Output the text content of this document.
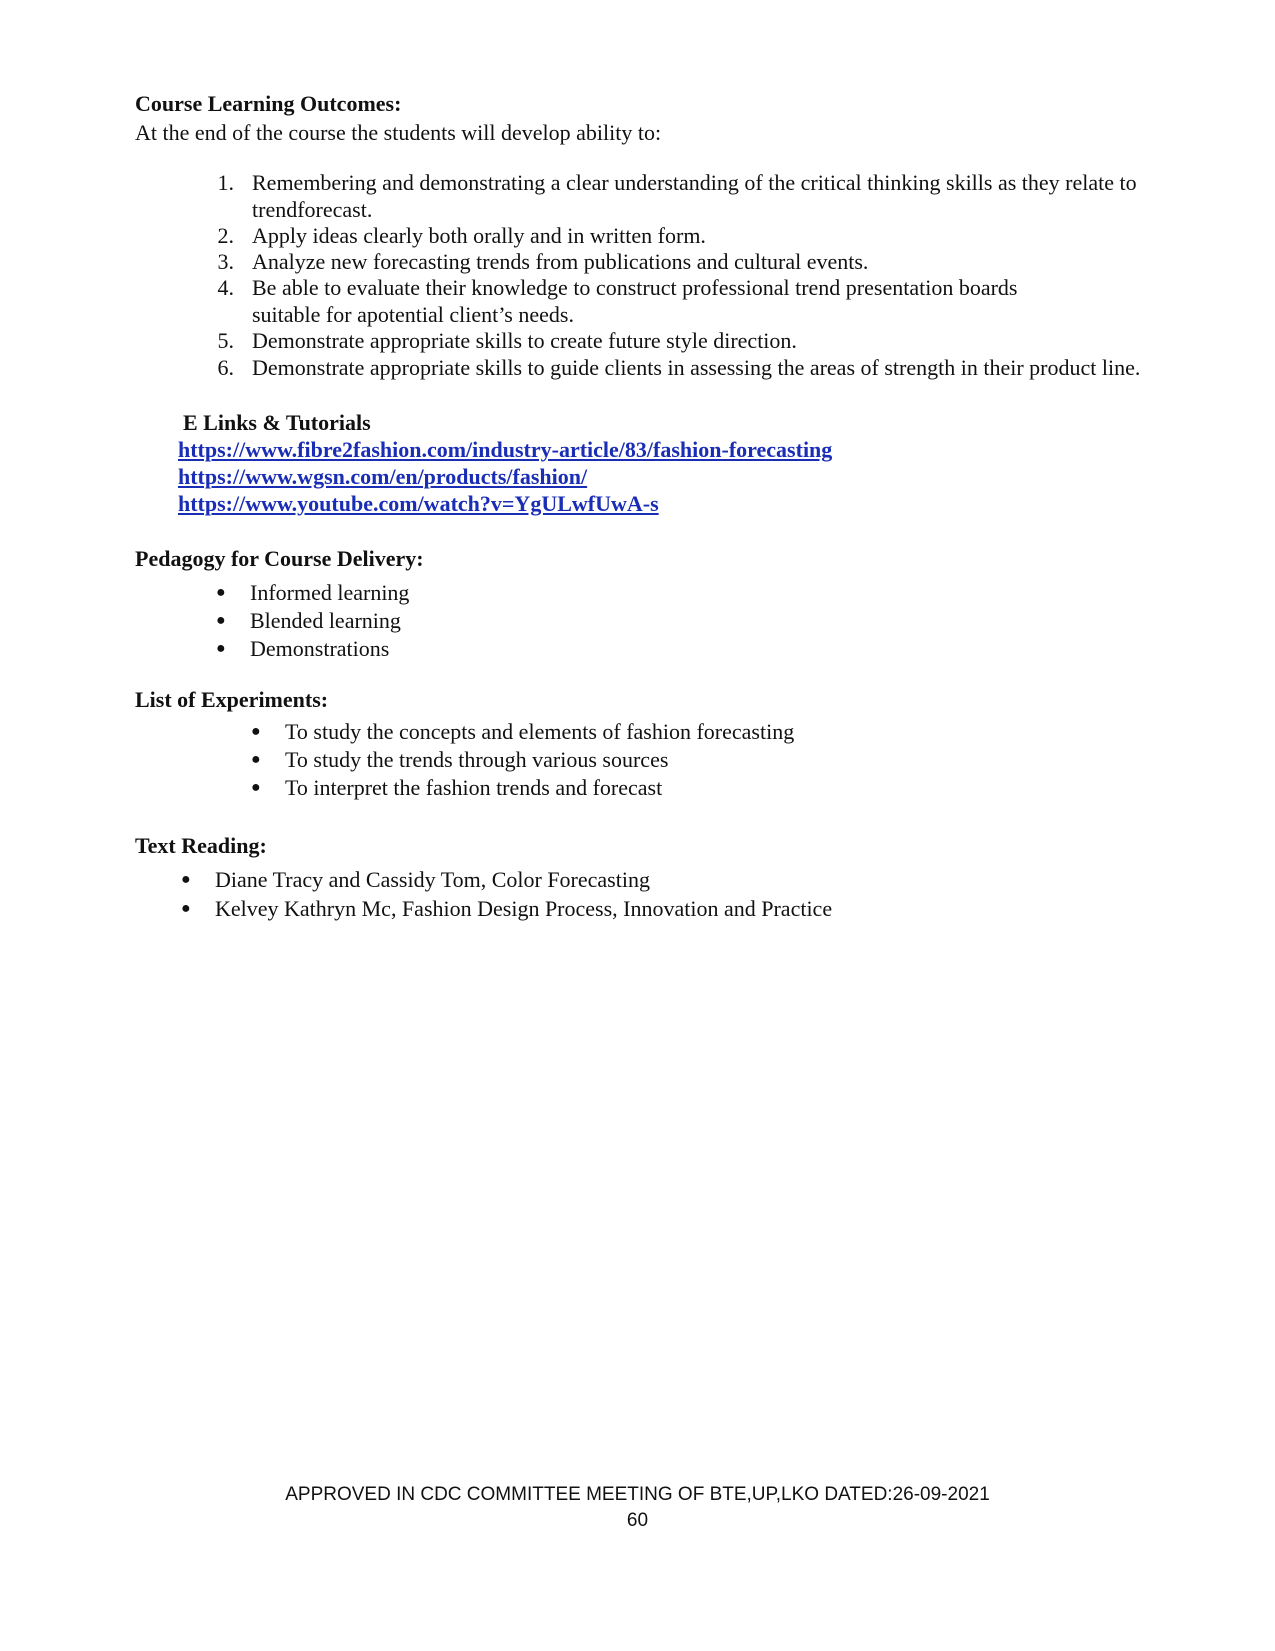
Course Learning Outcomes:
At the end of the course the students will develop ability to:
1. Remembering and demonstrating a clear understanding of the critical thinking skills as they relate to trendforecast.
2. Apply ideas clearly both orally and in written form.
3. Analyze new forecasting trends from publications and cultural events.
4. Be able to evaluate their knowledge to construct professional trend presentation boards suitable for apotential client’s needs.
5. Demonstrate appropriate skills to create future style direction.
6. Demonstrate appropriate skills to guide clients in assessing the areas of strength in their product line.
E Links & Tutorials
https://www.fibre2fashion.com/industry-article/83/fashion-forecasting
https://www.wgsn.com/en/products/fashion/
https://www.youtube.com/watch?v=YgULwfUwA-s
Pedagogy for Course Delivery:
● Informed learning
● Blended learning
● Demonstrations
List of Experiments:
● To study the concepts and elements of fashion forecasting
● To study the trends through various sources
● To interpret the fashion trends and forecast
Text Reading:
● Diane Tracy and Cassidy Tom, Color Forecasting
● Kelvey Kathryn Mc, Fashion Design Process, Innovation and Practice
APPROVED IN CDC COMMITTEE MEETING OF BTE,UP,LKO DATED:26-09-2021
60
